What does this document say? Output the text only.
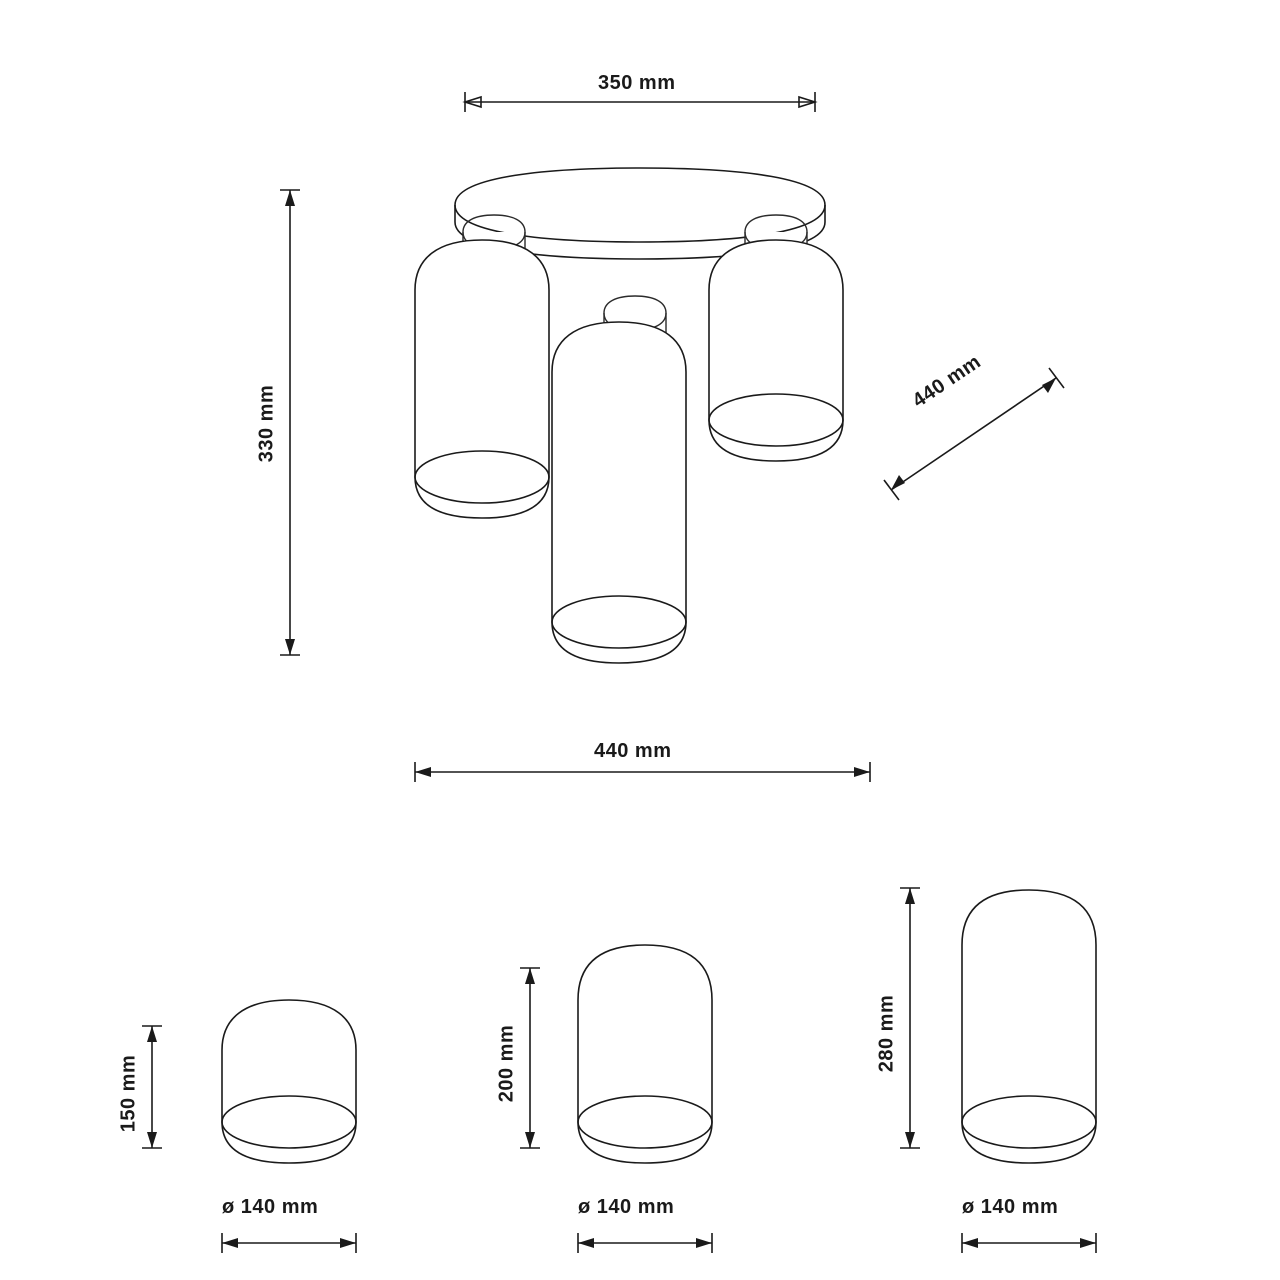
350 mm
330 mm
440 mm
440 mm
150 mm
ø 140 mm
200 mm
ø 140 mm
280 mm
ø 140 mm
